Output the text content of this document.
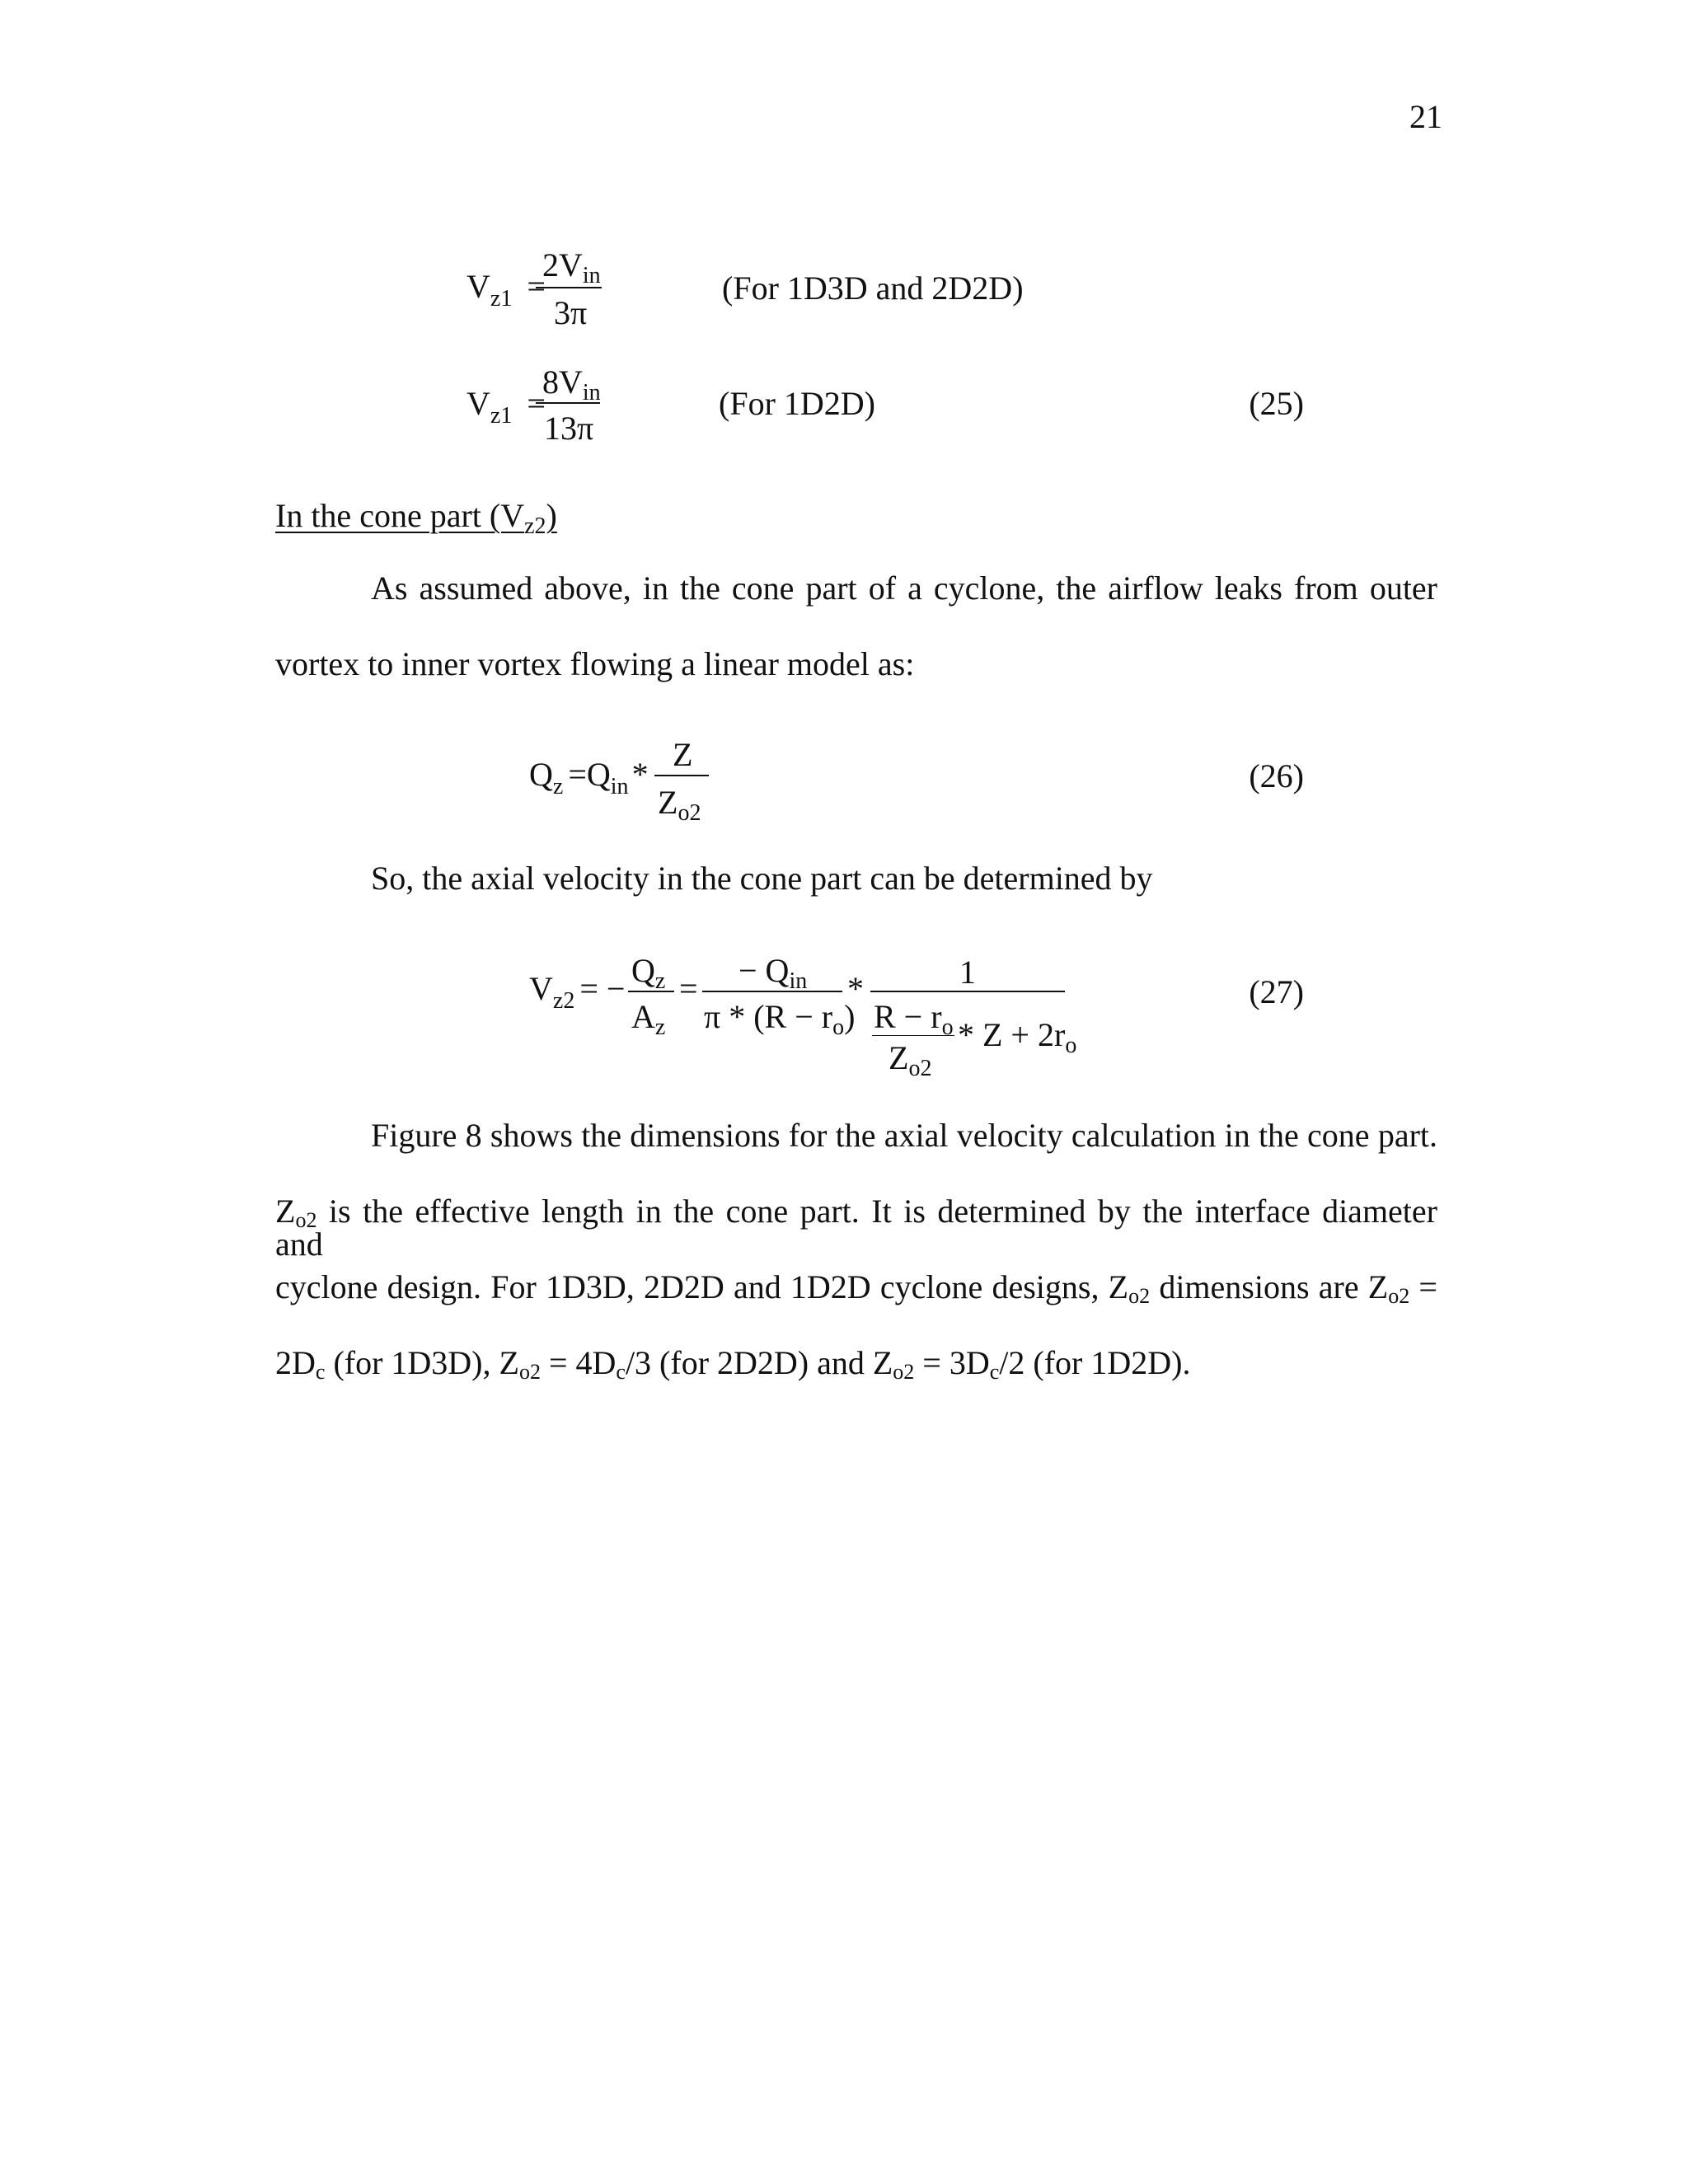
21
$V_{z1}$ =
$2V_{in}$
3π
(For 1D3D and 2D2D)
$V_{z1}$ =
$8V_{in}$
13π
(For 1D2D)	(25)
In the cone part $(V_{z2})$
As assumed above, in the cone part of a cyclone, the airflow leaks from outer
vortex to inner vortex flowing a linear model as:
$Q_z =Q_{in}$ *
Z
$Z_{o2}$
(26)
So, the axial velocity in the cone part can be determined by
$V_{z2}$ = − $Q_z$
$A_z$
= − $Q_{in}$
$\pi * (R - r_o)$
*	1
$R - r_o$
$Z_{o2}$
* $Z + 2r_o$
(27)
Figure 8 shows the dimensions for the axial velocity calculation in the cone part.
Zo2 is the effective length in the cone part. It is determined by the interface diameter and
cyclone design. For 1D3D, 2D2D and 1D2D cyclone designs, Zo2 dimensions are Zo2 =
2Dc (for 1D3D), Zo2 = 4Dc/3 (for 2D2D) and Zo2 = 3Dc/2 (for 1D2D).
